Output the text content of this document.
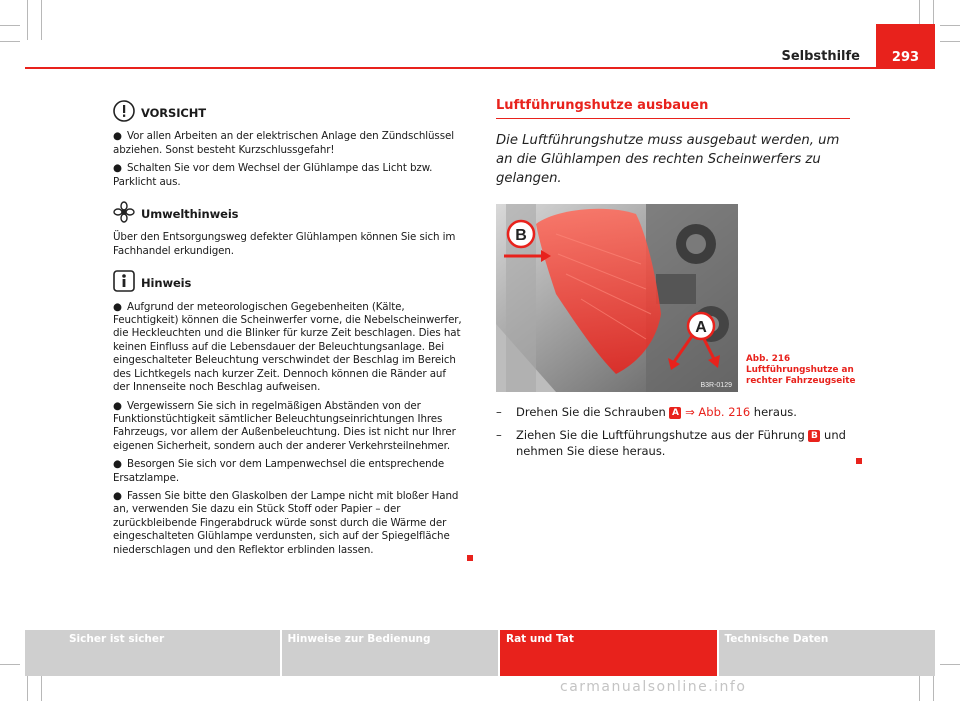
Selbsthilfe	293
VORSICHT

● Vor allen Arbeiten an der elektrischen Anlage den Zündschlüssel abziehen. Sonst besteht Kurzschlussgefahr!

● Schalten Sie vor dem Wechsel der Glühlampe das Licht bzw. Parklicht aus.

Umwelthinweis

Über den Entsorgungsweg defekter Glühlampen können Sie sich im Fachhandel erkundigen.

Hinweis

● Aufgrund der meteorologischen Gegebenheiten (Kälte, Feuchtigkeit) können die Scheinwerfer vorne, die Nebelscheinwerfer, die Heckleuchten und die Blinker für kurze Zeit beschlagen. Dies hat keinen Einfluss auf die Lebensdauer der Beleuchtungsanlage. Bei eingeschalteter Beleuchtung verschwindet der Beschlag im Bereich des Lichtkegels nach kurzer Zeit. Dennoch können die Ränder auf der Innenseite noch Beschlag aufweisen.

● Vergewissern Sie sich in regelmäßigen Abständen von der Funktionstüchtigkeit sämtlicher Beleuchtungseinrichtungen Ihres Fahrzeugs, vor allem der Außenbeleuchtung. Dies ist nicht nur Ihrer eigenen Sicherheit, sondern auch der anderer Verkehrsteilnehmer.

● Besorgen Sie sich vor dem Lampenwechsel die entsprechende Ersatzlampe.

● Fassen Sie bitte den Glaskolben der Lampe nicht mit bloßer Hand an, verwenden Sie dazu ein Stück Stoff oder Papier – der zurückbleibende Fingerabdruck würde sonst durch die Wärme der eingeschalteten Glühlampe verdunsten, sich auf der Spiegelfläche niederschlagen und den Reflektor erblinden lassen.

Luftführungshutze ausbauen

Die Luftführungshutze muss ausgebaut werden, um an die Glühlampen des rechten Scheinwerfers zu gelangen.

B
A
B3R-0129
Abb. 216 Luftführungshutze an rechter Fahrzeugseite
–	Drehen Sie die Schrauben A ⇒ Abb. 216 heraus.
–	Ziehen Sie die Luftführungshutze aus der Führung B und nehmen Sie diese heraus.
Sicher ist sicher	Hinweise zur Bedienung	Rat und Tat	Technische Daten
carmanualsonline.info
